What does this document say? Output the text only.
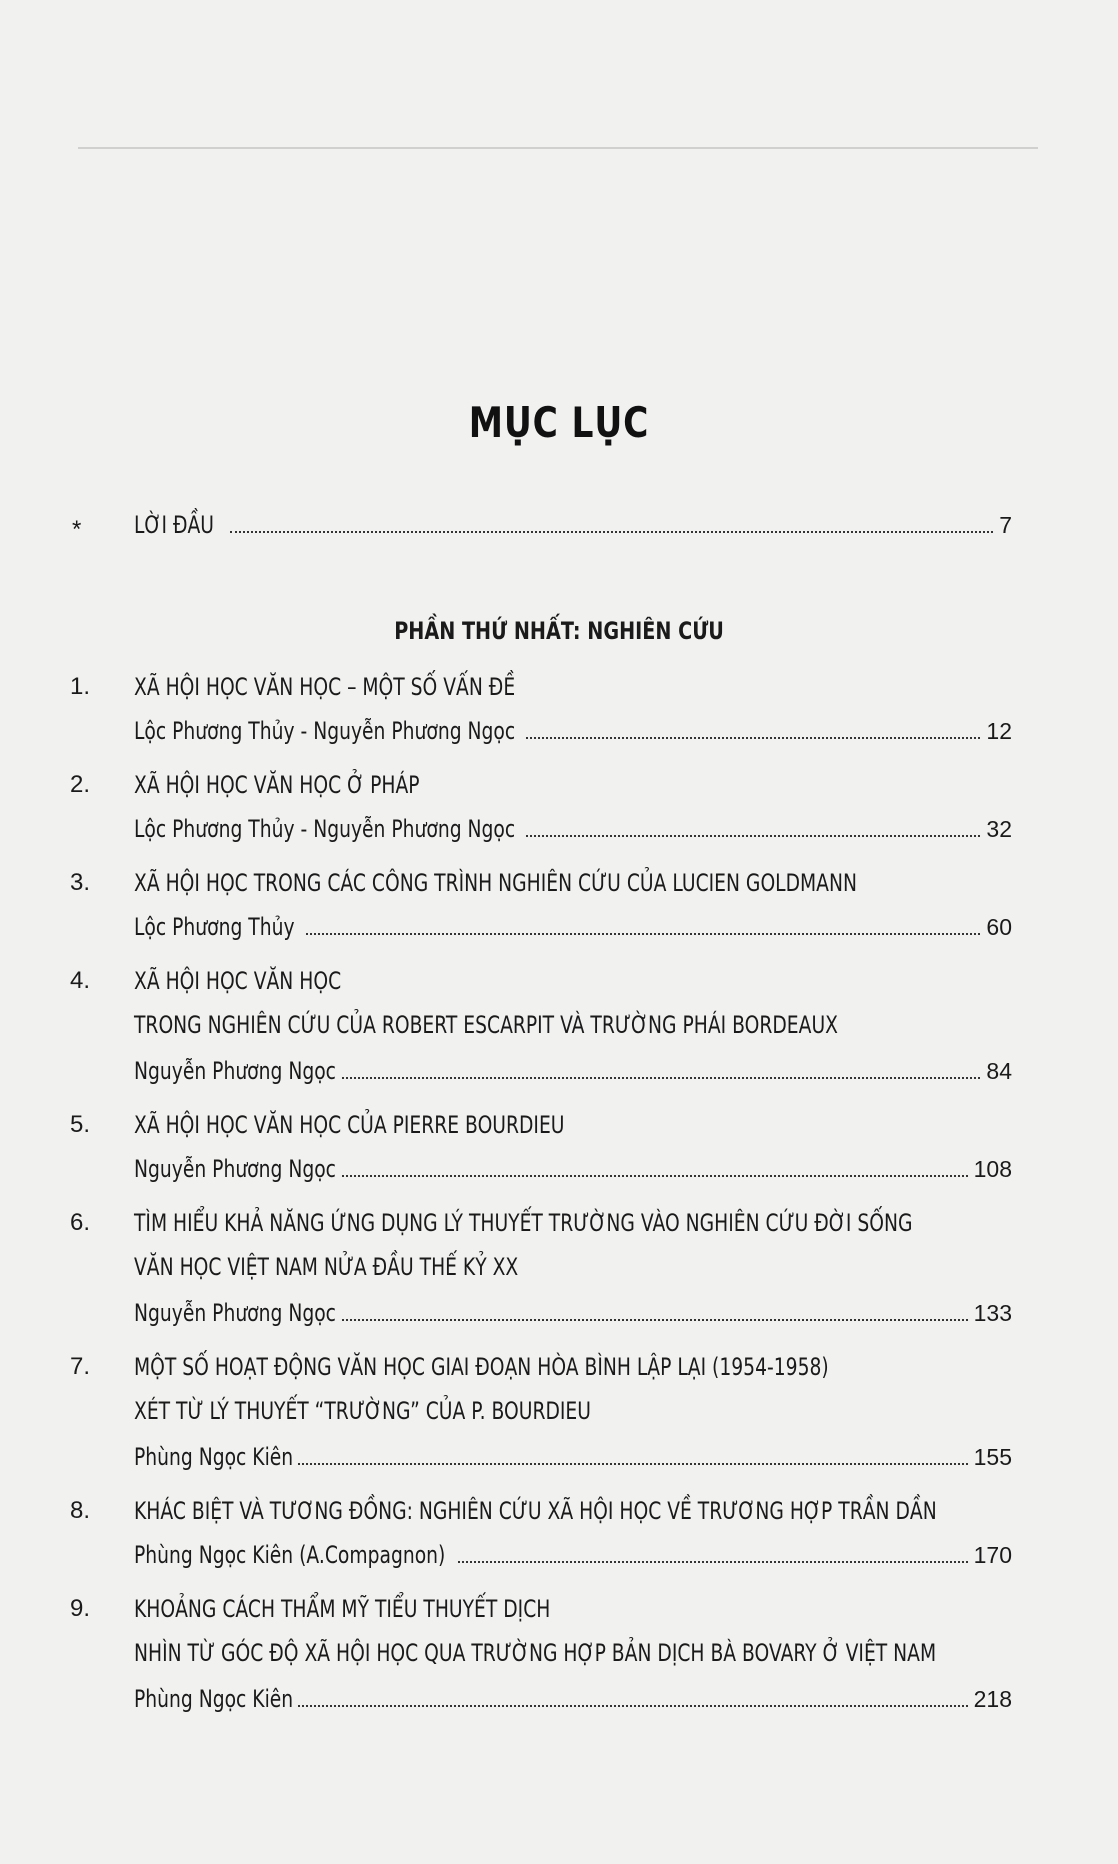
MỤC LỤC
* LỜI ĐẦU	7
PHẦN THỨ NHẤT: NGHIÊN CỨU
1. XÃ HỘI HỌC VĂN HỌC – MỘT SỐ VẤN ĐỀ
Lộc Phương Thủy - Nguyễn Phương Ngọc	12
2. XÃ HỘI HỌC VĂN HỌC Ở PHÁP
Lộc Phương Thủy - Nguyễn Phương Ngọc	32
3. XÃ HỘI HỌC TRONG CÁC CÔNG TRÌNH NGHIÊN CỨU CỦA LUCIEN GOLDMANN
Lộc Phương Thủy	60
4. XÃ HỘI HỌC VĂN HỌC
TRONG NGHIÊN CỨU CỦA ROBERT ESCARPIT VÀ TRƯỜNG PHÁI BORDEAUX
Nguyễn Phương Ngọc	84
5. XÃ HỘI HỌC VĂN HỌC CỦA PIERRE BOURDIEU
Nguyễn Phương Ngọc	108
6. TÌM HIỂU KHẢ NĂNG ỨNG DỤNG LÝ THUYẾT TRƯỜNG VÀO NGHIÊN CỨU ĐỜI SỐNG
VĂN HỌC VIỆT NAM NỬA ĐẦU THẾ KỶ XX
Nguyễn Phương Ngọc	133
7. MỘT SỐ HOẠT ĐỘNG VĂN HỌC GIAI ĐOẠN HÒA BÌNH LẬP LẠI (1954-1958)
XÉT TỪ LÝ THUYẾT “TRƯỜNG” CỦA P. BOURDIEU
Phùng Ngọc Kiên	155
8. KHÁC BIỆT VÀ TƯƠNG ĐỒNG: NGHIÊN CỨU XÃ HỘI HỌC VỀ TRƯƠNG HỢP TRẦN DẦN
Phùng Ngọc Kiên (A.Compagnon)	170
9. KHOẢNG CÁCH THẨM MỸ TIỂU THUYẾT DỊCH
NHÌN TỪ GÓC ĐỘ XÃ HỘI HỌC QUA TRƯỜNG HỢP BẢN DỊCH BÀ BOVARY Ở VIỆT NAM
Phùng Ngọc Kiên	218
